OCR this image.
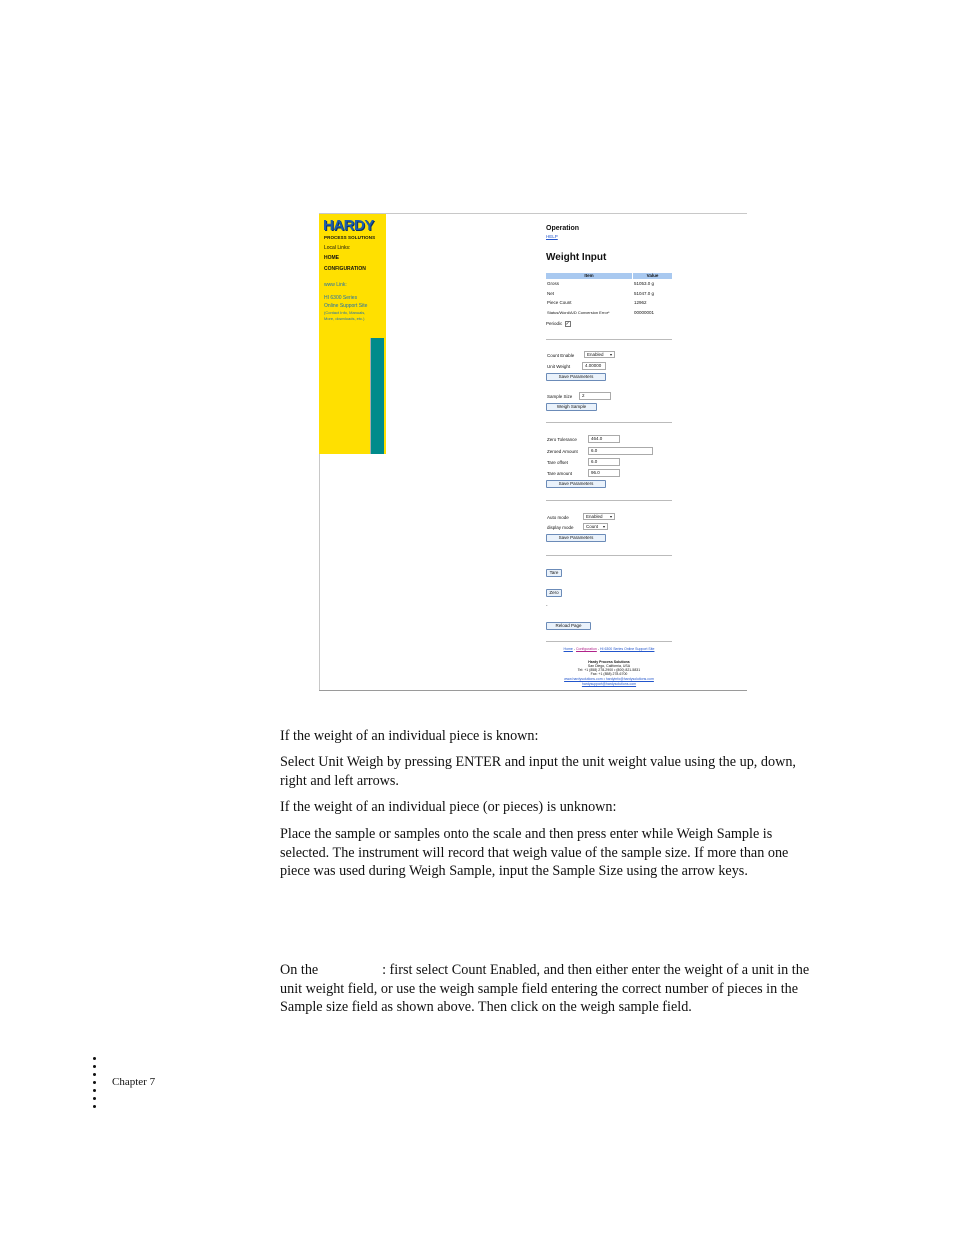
HARDY
PROCESS SOLUTIONS
Local Links:
HOME
CONFIGURATION
www Link:
HI 6300 Series
Online Support Site
(Contact Info, Manuals,
More, downloads, etc.)
Operation
HELP
Weight Input
Item	Value
Gross	51053.0 g
Net	51047.0 g
Piece Count	12962
Status/Word/A/D Conversion Error*	00000001
Periodic ✓
Count Enable	Enabled ▾
Unit Weight	4.00000
Save Parameters
Sample Size	2
Weigh Sample
Zero Tolerance	464.0
Zeroed Amount	6.0
Tare offset	6.0
Tare amount	96.0
Save Parameters
Auto mode	Enabled ▾
display mode	Count ▾
Save Parameters
Tare
Zero
-
Reload Page
Home - Configuration - HI 6300 Series Online Support Site
Hardy Process Solutions
San Diego, California, USA
Tel: +1 (858) 278-2900 • (800) 821-5831
Fax: +1 (858) 278-6700
www.hardysolutions.com • hardyinfo@hardysolutions.com
hardysupport@hardysolutions.com
If the weight of an individual piece is known:
Select Unit Weigh by pressing ENTER and input the unit weight value using the up, down, right and left arrows.
If the weight of an individual piece (or pieces) is unknown:
Place the sample or samples onto the scale and then press enter while Weigh Sample is selected. The instrument will record that weigh value of the sample size. If more than one piece was used during Weigh Sample, input the Sample Size using the arrow keys.
On the                  : first select Count Enabled, and then either enter the weight of a unit in the unit weight field, or use the weigh sample field entering the correct number of pieces in the Sample size field as shown above. Then click on the weigh sample field.
Chapter 7
